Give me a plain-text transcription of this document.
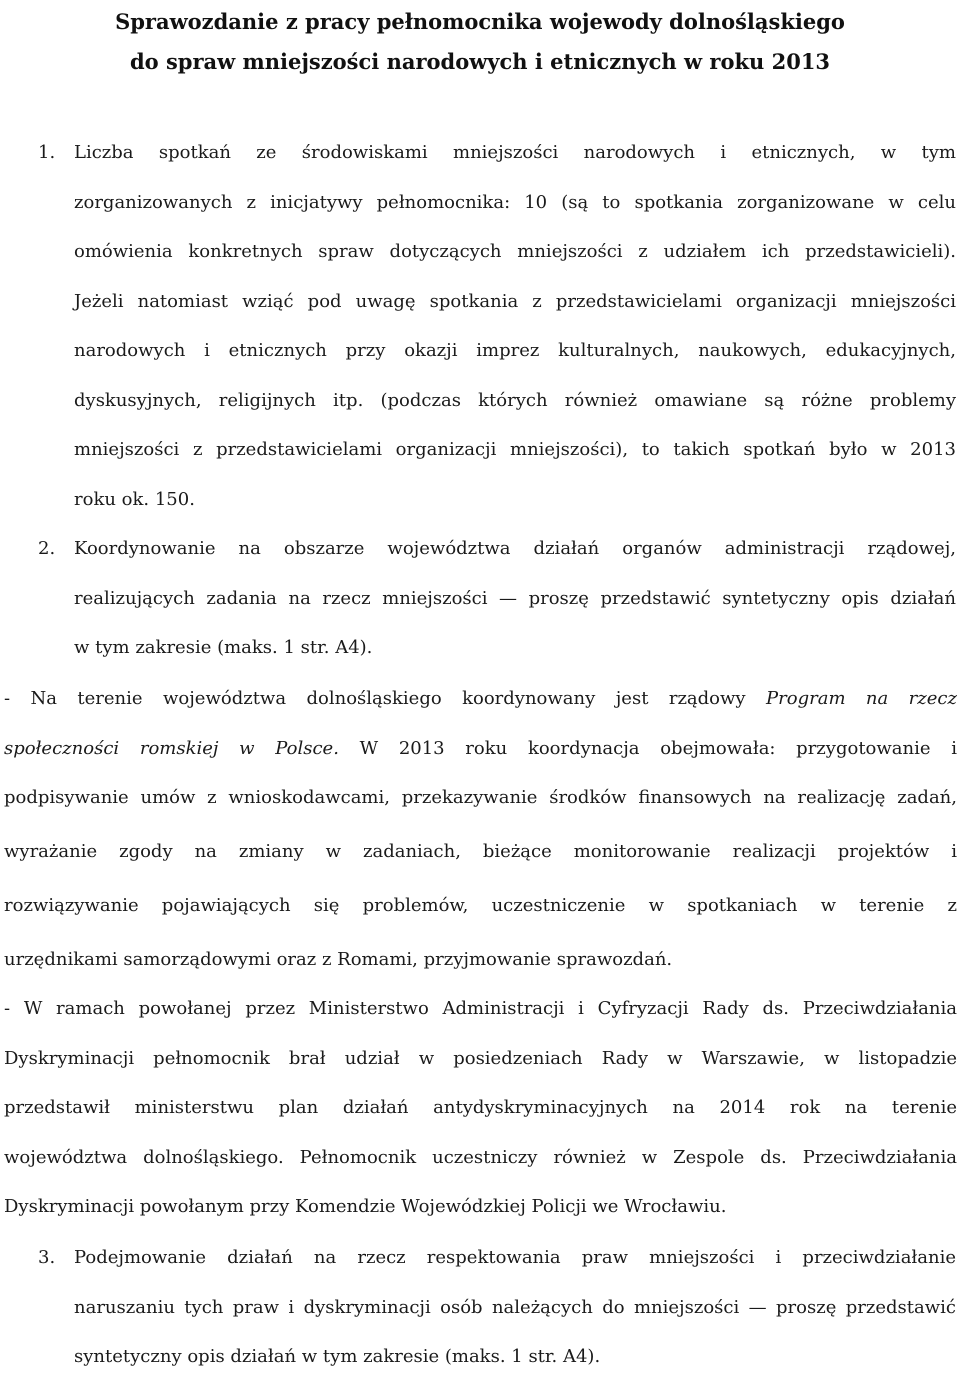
Sprawozdanie z pracy pełnomocnika wojewody dolnośląskiego
do spraw mniejszości narodowych i etnicznych w roku 2013
1. Liczba spotkań ze środowiskami mniejszości narodowych i etnicznych, w tym
zorganizowanych z inicjatywy pełnomocnika: 10 (są to spotkania zorganizowane w celu
omówienia konkretnych spraw dotyczących mniejszości z udziałem ich przedstawicieli).
Jeżeli natomiast wziąć pod uwagę spotkania z przedstawicielami organizacji mniejszości
narodowych i etnicznych przy okazji imprez kulturalnych, naukowych, edukacyjnych,
dyskusyjnych, religijnych itp. (podczas których również omawiane są różne problemy
mniejszości z przedstawicielami organizacji mniejszości), to takich spotkań było w 2013
roku ok. 150.
2. Koordynowanie na obszarze województwa działań organów administracji rządowej,
realizujących zadania na rzecz mniejszości — proszę przedstawić syntetyczny opis działań
w tym zakresie (maks. 1 str. A4).
- Na terenie województwa dolnośląskiego koordynowany jest rządowy Program na rzecz
społeczności romskiej w Polsce. W 2013 roku koordynacja obejmowała: przygotowanie i
podpisywanie umów z wnioskodawcami, przekazywanie środków finansowych na realizację zadań,
wyrażanie zgody na zmiany w zadaniach, bieżące monitorowanie realizacji projektów i
rozwiązywanie pojawiających się problemów, uczestniczenie w spotkaniach w terenie z
urzędnikami samorządowymi oraz z Romami, przyjmowanie sprawozdań.
- W ramach powołanej przez Ministerstwo Administracji i Cyfryzacji Rady ds. Przeciwdziałania
Dyskryminacji pełnomocnik brał udział w posiedzeniach Rady w Warszawie, w listopadzie
przedstawił ministerstwu plan działań antydyskryminacyjnych na 2014 rok na terenie
województwa dolnośląskiego. Pełnomocnik uczestniczy również w Zespole ds. Przeciwdziałania
Dyskryminacji powołanym przy Komendzie Wojewódzkiej Policji we Wrocławiu.
3. Podejmowanie działań na rzecz respektowania praw mniejszości i przeciwdziałanie
naruszaniu tych praw i dyskryminacji osób należących do mniejszości — proszę przedstawić
syntetyczny opis działań w tym zakresie (maks. 1 str. A4).
